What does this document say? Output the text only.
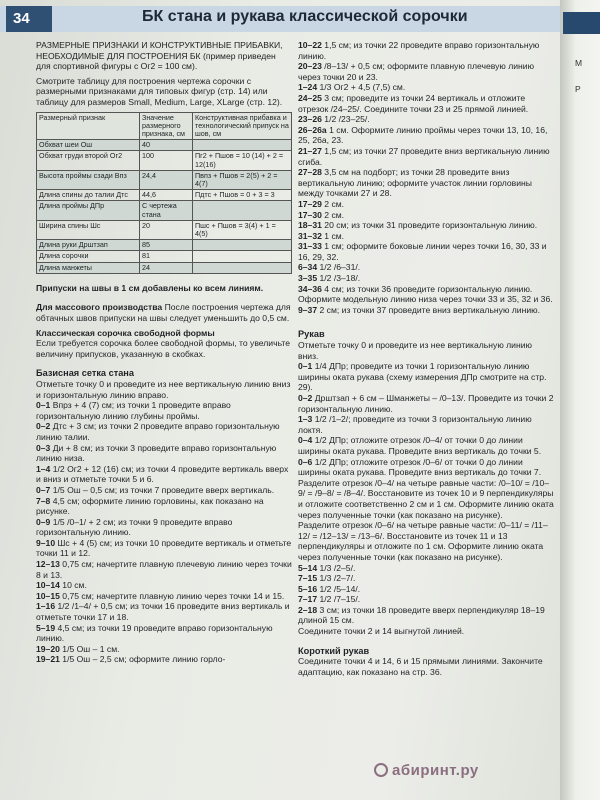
34	БК стана и рукава классической сорочки
М
Р

РАЗМЕРНЫЕ ПРИЗНАКИ И КОНСТРУКТИВНЫЕ ПРИБАВКИ, НЕОБХОДИМЫЕ ДЛЯ ПОСТРОЕНИЯ БК (пример приведен для спортивной фигуры с Ог2 = 100 см).

Смотрите таблицу для построения чертежа сорочки с размерными признаками для типовых фигур (стр. 14) или таблицу для размеров Small, Medium, Large, XLarge (стр. 12).

Размерный признак	Значение размерного признака, см	Конструктивная прибавка и технологический припуск на шов, см
Обхват шеи Ош	40	
Обхват груди второй Ог2	100	Пг2 + Пшов = 10 (14) + 2 = 12(16)
Высота проймы сзади Впз	24,4	Пвпз + Пшов = 2(5) + 2 = 4(7)
Длина спины до талии Дтс	44,6	Пдтс + Пшов = 0 + 3 = 3
Длина проймы ДПр	С чертежа стана	
Ширина спины Шс	20	Пшс + Пшов = 3(4) + 1 = 4(5)
Длина руки Дрштзап	85	
Длина сорочки	81	
Длина манжеты	24	

Припуски на швы в 1 см добавлены ко всем линиям.

Для массового производства После построения чертежа для обтачных швов припуски на швы следует уменьшить до 0,5 см.

Классическая сорочка свободной формы

Если требуется сорочка более свободной формы, то увеличьте величину припусков, указанную в скобках.

Базисная сетка стана

Отметьте точку 0 и проведите из нее вертикальную линию вниз и горизонтальную линию вправо.

0–1 Впрз + 4 (7) см; из точки 1 проведите вправо горизонтальную линию глубины проймы.

0–2 Дтс + 3 см; из точки 2 проведите вправо горизонтальную линию талии.

0–3 Ди + 8 см; из точки 3 проведите вправо горизонтальную линию низа.

1–4 1/2 Ог2 + 12 (16) см; из точки 4 проведите вертикаль вверх и вниз и отметьте точки 5 и 6.

0–7 1/5 Ош – 0,5 см; из точки 7 проведите вверх вертикаль.

7–8 4,5 см; оформите линию горловины, как показано на рисунке.

0–9 1/5 /0–1/ + 2 см; из точки 9 проведите вправо горизонтальную линию.

9–10 Шс + 4 (5) см; из точки 10 проведите вертикаль и отметьте точки 11 и 12.

12–13 0,75 см; начертите плавную плечевую линию через точки 8 и 13.

10–14 10 см.

10–15 0,75 см; начертите плавную линию через точки 14 и 15.

1–16 1/2 /1–4/ + 0,5 см; из точки 16 проведите вниз вертикаль и отметьте точки 17 и 18.

5–19 4,5 см; из точки 19 проведите вправо горизонтальную линию.

19–20 1/5 Ош – 1 см.

19–21 1/5 Ош – 2,5 см; оформите линию горло-

10–22 1,5 см; из точки 22 проведите вправо горизонтальную линию.

20–23 /8–13/ + 0,5 см; оформите плавную плечевую линию через точки 20 и 23.

1–24 1/3 Ог2 + 4,5 (7,5) см.

24–25 3 см; проведите из точки 24 вертикаль и отложите отрезок /24–25/. Соедините точки 23 и 25 прямой линией.

23–26 1/2 /23–25/.

26–26а 1 см. Оформите линию проймы через точки 13, 10, 16, 25, 26а, 23.

21–27 1,5 см; из точки 27 проведите вниз вертикальную линию сгиба.

27–28 3,5 см на подборт; из точки 28 проведите вниз вертикальную линию; оформите участок линии горловины между точками 27 и 28.

17–29 2 см.

17–30 2 см.

18–31 20 см; из точки 31 проведите горизонтальную линию.

31–32 1 см.

31–33 1 см; оформите боковые линии через точки 16, 30, 33 и 16, 29, 32.

6–34 1/2 /6–31/.

3–35 1/2 /3–18/.

34–36 4 см; из точки 36 проведите горизонтальную линию.

Оформите модельную линию низа через точки 33 и 35, 32 и 36.

9–37 2 см; из точки 37 проведите вниз вертикальную линию.

Рукав

Отметьте точку 0 и проведите из нее вертикальную линию вниз.

0–1 1/4 ДПр; проведите из точки 1 горизонтальную линию ширины оката рукава (схему измерения ДПр смотрите на стр. 29).

0–2 Дрштзап + 6 см – Шманжеты – /0–13/. Проведите из точки 2 горизонтальную линию.

1–3 1/2 /1–2/; проведите из точки 3 горизонтальную линию локтя.

0–4 1/2 ДПр; отложите отрезок /0–4/ от точки 0 до линии ширины оката рукава. Проведите вниз вертикаль до точки 5.

0–6 1/2 ДПр; отложите отрезок /0–6/ от точки 0 до линии ширины оката рукава. Проведите вниз вертикаль до точки 7.

Разделите отрезок /0–4/ на четыре равные части: /0–10/ = /10–9/ = /9–8/ = /8–4/. Восстановите из точек 10 и 9 перпендикуляры и отложите соответственно 2 см и 1 см. Оформите линию оката через полученные точки (как показано на рисунке).

Разделите отрезок /0–6/ на четыре равные части: /0–11/ = /11–12/ = /12–13/ = /13–6/. Восстановите из точек 11 и 13 перпендикуляры и отложите по 1 см. Оформите линию оката через полученные точки (как показано на рисунке).

5–14 1/3 /2–5/.

7–15 1/3 /2–7/.

5–16 1/2 /5–14/.

7–17 1/2 /7–15/.

2–18 3 см; из точки 18 проведите вверх перпендикуляр 18–19 длиной 15 см.

Соедините точки 2 и 14 выгнутой линией.

Короткий рукав

Соедините точки 4 и 14, 6 и 15 прямыми линиями. Закончите адаптацию, как показано на стр. 36.

абиринт.ру
